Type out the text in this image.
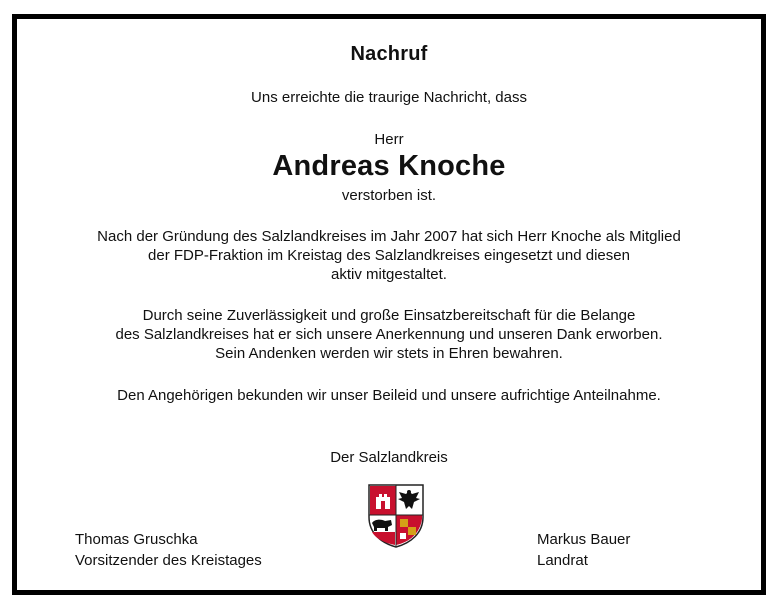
Nachruf
Uns erreichte die traurige Nachricht, dass
Herr
Andreas Knoche
verstorben ist.
Nach der Gründung des Salzlandkreises im Jahr 2007 hat sich Herr Knoche als Mitglied
der FDP-Fraktion im Kreistag des Salzlandkreises eingesetzt und diesen
aktiv mitgestaltet.
Durch seine Zuverlässigkeit und große Einsatzbereitschaft für die Belange
des Salzlandkreises hat er sich unsere Anerkennung und unseren Dank erworben.
Sein Andenken werden wir stets in Ehren bewahren.
Den Angehörigen bekunden wir unser Beileid und unsere aufrichtige Anteilnahme.
Der Salzlandkreis
Thomas Gruschka
Vorsitzender des Kreistages
Markus Bauer
Landrat
